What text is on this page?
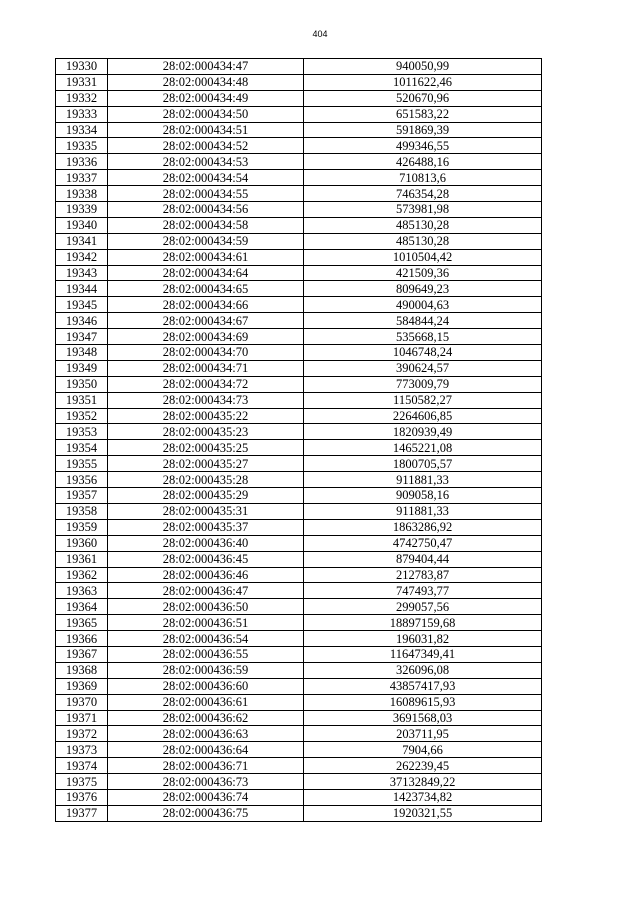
404
19330	28:02:000434:47	940050,99
19331	28:02:000434:48	1011622,46
19332	28:02:000434:49	520670,96
19333	28:02:000434:50	651583,22
19334	28:02:000434:51	591869,39
19335	28:02:000434:52	499346,55
19336	28:02:000434:53	426488,16
19337	28:02:000434:54	710813,6
19338	28:02:000434:55	746354,28
19339	28:02:000434:56	573981,98
19340	28:02:000434:58	485130,28
19341	28:02:000434:59	485130,28
19342	28:02:000434:61	1010504,42
19343	28:02:000434:64	421509,36
19344	28:02:000434:65	809649,23
19345	28:02:000434:66	490004,63
19346	28:02:000434:67	584844,24
19347	28:02:000434:69	535668,15
19348	28:02:000434:70	1046748,24
19349	28:02:000434:71	390624,57
19350	28:02:000434:72	773009,79
19351	28:02:000434:73	1150582,27
19352	28:02:000435:22	2264606,85
19353	28:02:000435:23	1820939,49
19354	28:02:000435:25	1465221,08
19355	28:02:000435:27	1800705,57
19356	28:02:000435:28	911881,33
19357	28:02:000435:29	909058,16
19358	28:02:000435:31	911881,33
19359	28:02:000435:37	1863286,92
19360	28:02:000436:40	4742750,47
19361	28:02:000436:45	879404,44
19362	28:02:000436:46	212783,87
19363	28:02:000436:47	747493,77
19364	28:02:000436:50	299057,56
19365	28:02:000436:51	18897159,68
19366	28:02:000436:54	196031,82
19367	28:02:000436:55	11647349,41
19368	28:02:000436:59	326096,08
19369	28:02:000436:60	43857417,93
19370	28:02:000436:61	16089615,93
19371	28:02:000436:62	3691568,03
19372	28:02:000436:63	203711,95
19373	28:02:000436:64	7904,66
19374	28:02:000436:71	262239,45
19375	28:02:000436:73	37132849,22
19376	28:02:000436:74	1423734,82
19377	28:02:000436:75	1920321,55
